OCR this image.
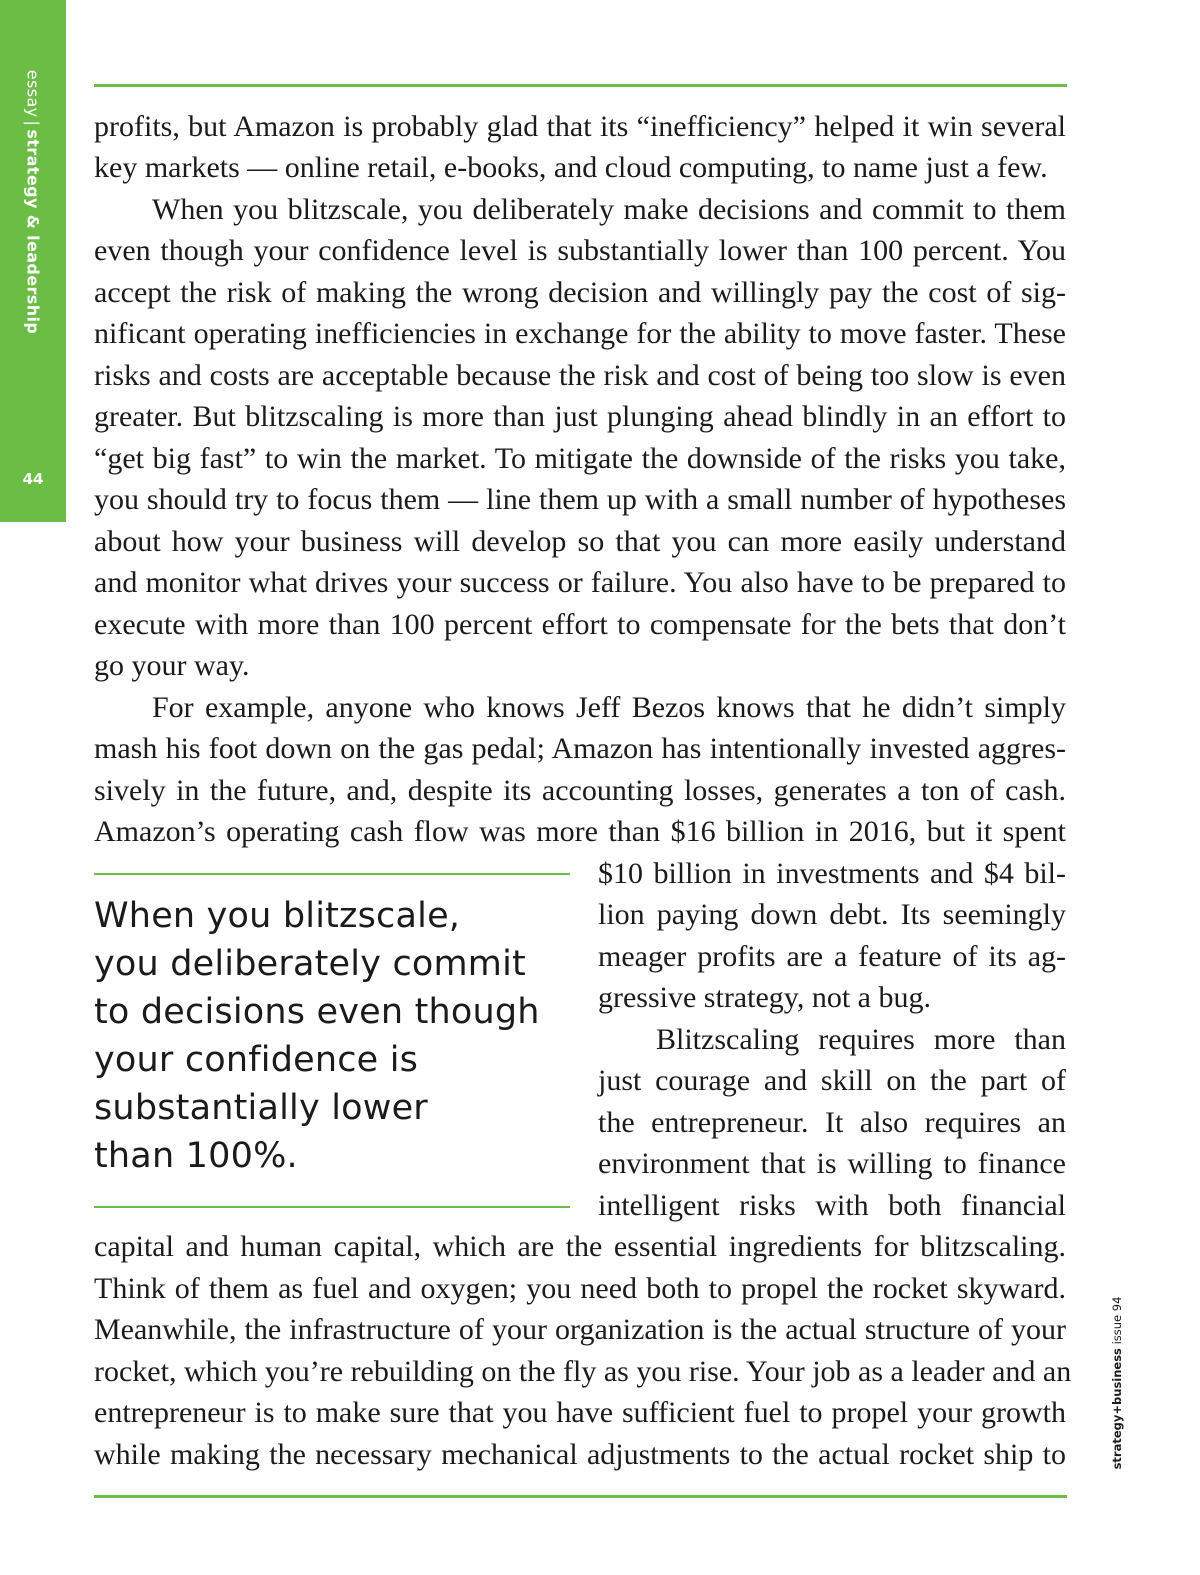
essay|strategy & leadership
44
profits, but Amazon is probably glad that its “inefficiency” helped it win several
key markets — online retail, e-books, and cloud computing, to name just a few.
When you blitzscale, you deliberately make decisions and commit to them
even though your confidence level is substantially lower than 100 percent. You
accept the risk of making the wrong decision and willingly pay the cost of sig-
nificant operating inefficiencies in exchange for the ability to move faster. These
risks and costs are acceptable because the risk and cost of being too slow is even
greater. But blitzscaling is more than just plunging ahead blindly in an effort to
“get big fast” to win the market. To mitigate the downside of the risks you take,
you should try to focus them — line them up with a small number of hypotheses
about how your business will develop so that you can more easily understand
and monitor what drives your success or failure. You also have to be prepared to
execute with more than 100 percent effort to compensate for the bets that don’t
go your way.
For example, anyone who knows Jeff Bezos knows that he didn’t simply
mash his foot down on the gas pedal; Amazon has intentionally invested aggres-
sively in the future, and, despite its accounting losses, generates a ton of cash.
Amazon’s operating cash flow was more than $16 billion in 2016, but it spent
$10 billion in investments and $4 bil-
lion paying down debt. Its seemingly
meager profits are a feature of its ag-
gressive strategy, not a bug.
Blitzscaling requires more than
just courage and skill on the part of
the entrepreneur. It also requires an
environment that is willing to finance
intelligent risks with both financial
capital and human capital, which are the essential ingredients for blitzscaling.
Think of them as fuel and oxygen; you need both to propel the rocket skyward.
Meanwhile, the infrastructure of your organization is the actual structure of your
rocket, which you’re rebuilding on the fly as you rise. Your job as a leader and an
entrepreneur is to make sure that you have sufficient fuel to propel your growth
while making the necessary mechanical adjustments to the actual rocket ship to
When you blitzscale,
you deliberately commit
to decisions even though
your confidence is
substantially lower
than 100%.
strategy+business issue 94
